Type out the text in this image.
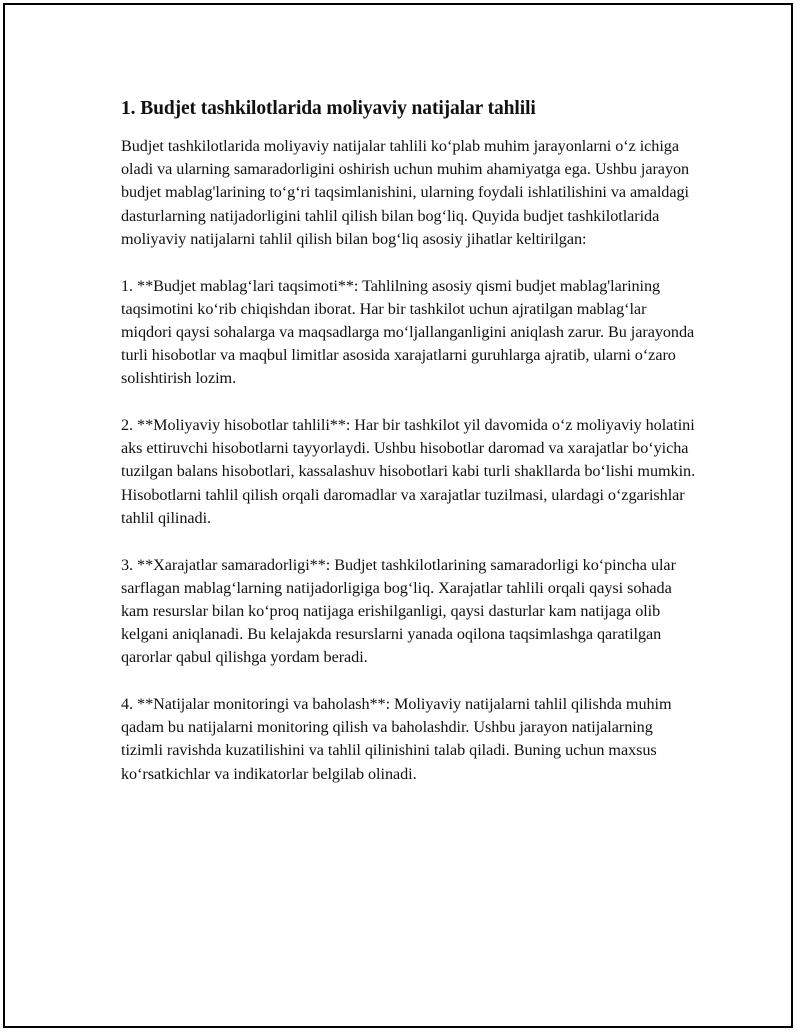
1. Budjet tashkilotlarida moliyaviy natijalar tahlili

Budjet tashkilotlarida moliyaviy natijalar tahlili ko‘plab muhim jarayonlarni o‘z ichiga oladi va ularning samaradorligini oshirish uchun muhim ahamiyatga ega. Ushbu jarayon budjet mablag'larining to‘g‘ri taqsimlanishini, ularning foydali ishlatilishini va amaldagi dasturlarning natijadorligini tahlil qilish bilan bog‘liq. Quyida budjet tashkilotlarida moliyaviy natijalarni tahlil qilish bilan bog‘liq asosiy jihatlar keltirilgan:

1. **Budjet mablag‘lari taqsimoti**: Tahlilning asosiy qismi budjet mablag'larining taqsimotini ko‘rib chiqishdan iborat. Har bir tashkilot uchun ajratilgan mablag‘lar miqdori qaysi sohalarga va maqsadlarga mo‘ljallanganligini aniqlash zarur. Bu jarayonda turli hisobotlar va maqbul limitlar asosida xarajatlarni guruhlarga ajratib, ularni o‘zaro solishtirish lozim.

2. **Moliyaviy hisobotlar tahlili**: Har bir tashkilot yil davomida o‘z moliyaviy holatini aks ettiruvchi hisobotlarni tayyorlaydi. Ushbu hisobotlar daromad va xarajatlar bo‘yicha tuzilgan balans hisobotlari, kassalashuv hisobotlari kabi turli shakllarda bo‘lishi mumkin. Hisobotlarni tahlil qilish orqali daromadlar va xarajatlar tuzilmasi, ulardagi o‘zgarishlar tahlil qilinadi.

3. **Xarajatlar samaradorligi**: Budjet tashkilotlarining samaradorligi ko‘pincha ular sarflagan mablag‘larning natijadorligiga bog‘liq. Xarajatlar tahlili orqali qaysi sohada kam resurslar bilan ko‘proq natijaga erishilganligi, qaysi dasturlar kam natijaga olib kelgani aniqlanadi. Bu kelajakda resurslarni yanada oqilona taqsimlashga qaratilgan qarorlar qabul qilishga yordam beradi.

4. **Natijalar monitoringi va baholash**: Moliyaviy natijalarni tahlil qilishda muhim qadam bu natijalarni monitoring qilish va baholashdir. Ushbu jarayon natijalarning tizimli ravishda kuzatilishini va tahlil qilinishini talab qiladi. Buning uchun maxsus ko‘rsatkichlar va indikatorlar belgilab olinadi.
